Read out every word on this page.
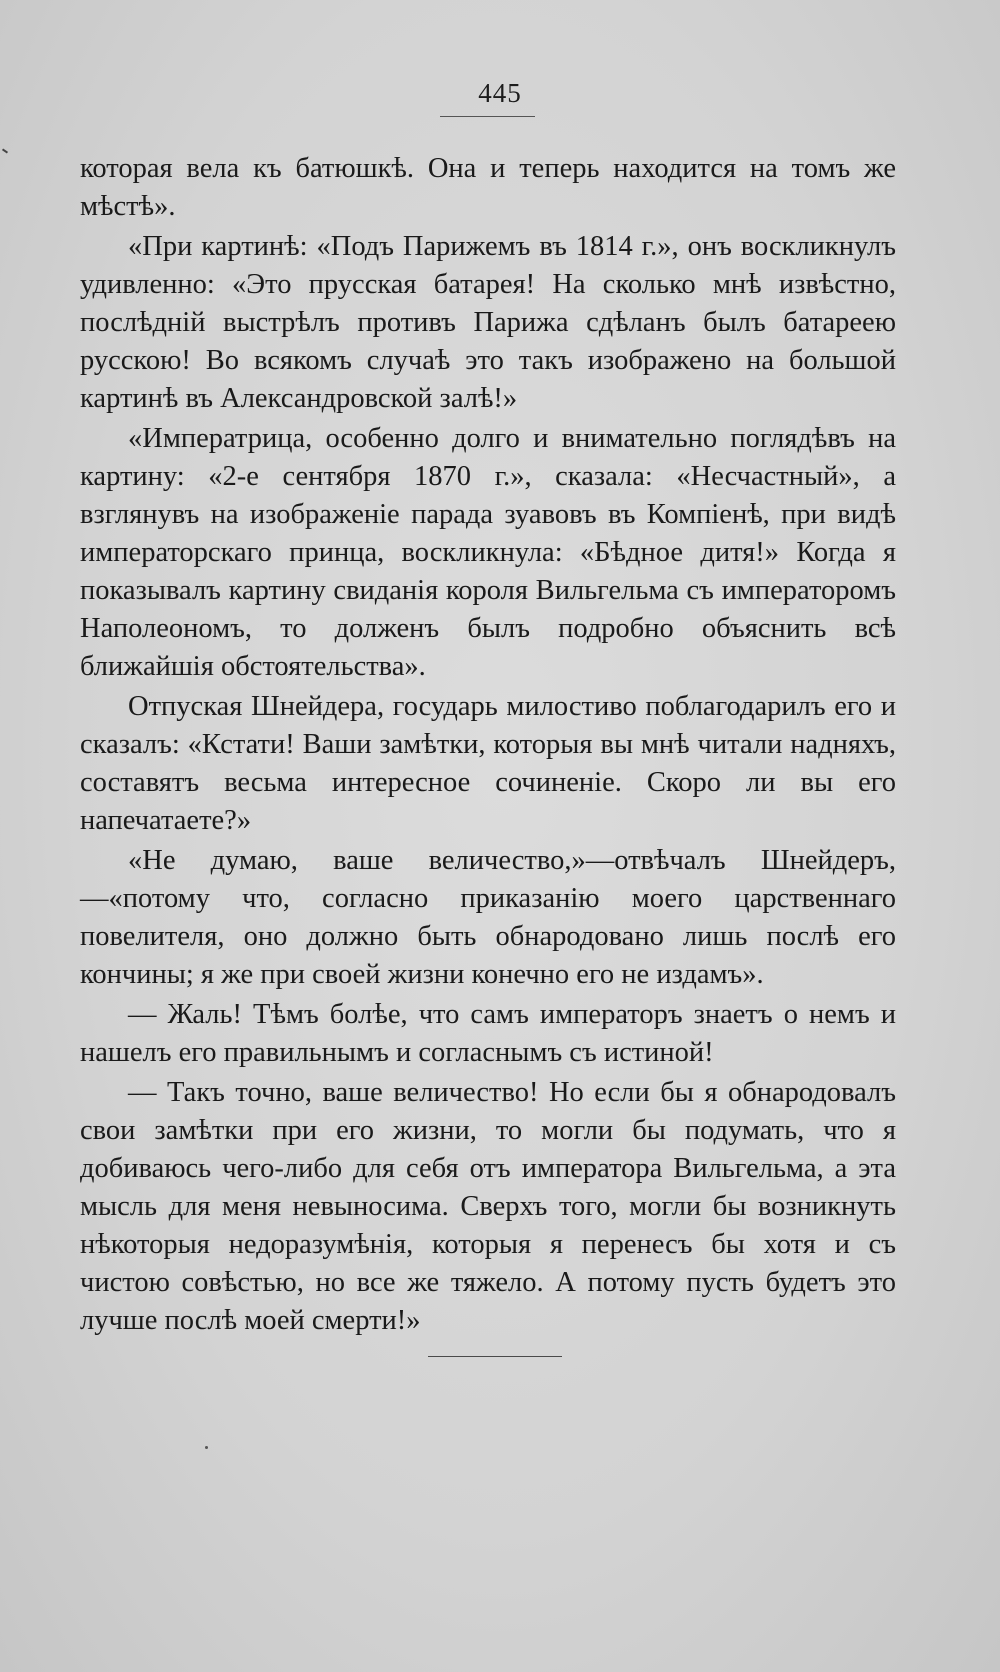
445

которая вела къ батюшкѣ. Она и теперь находится на томъ же мѣстѣ».

«При картинѣ: «Подъ Парижемъ въ 1814 г.», онъ воскликнулъ удивленно: «Это прусская батарея! На сколько мнѣ извѣстно, послѣдній выстрѣлъ противъ Парижа сдѣланъ былъ батареею русскою! Во всякомъ случаѣ это такъ изображено на большой картинѣ въ Александровской залѣ!»

«Императрица, особенно долго и внимательно поглядѣвъ на картину: «2-е сентября 1870 г.», сказала: «Несчастный», а взглянувъ на изображеніе парада зуавовъ въ Компіенѣ, при видѣ императорскаго принца, воскликнула: «Бѣдное дитя!» Когда я показывалъ картину свиданія короля Вильгельма съ императоромъ Наполеономъ, то долженъ былъ подробно объяснить всѣ ближайшія обстоятельства».

Отпуская Шнейдера, государь милостиво поблагодарилъ его и сказалъ: «Кстати! Ваши замѣтки, которыя вы мнѣ читали надняхъ, составятъ весьма интересное сочиненіе. Скоро ли вы его напечатаете?»

«Не думаю, ваше величество,»—отвѣчалъ Шнейдеръ,—«потому что, согласно приказанію моего царственнаго повелителя, оно должно быть обнародовано лишь послѣ его кончины; я же при своей жизни конечно его не издамъ».

— Жаль! Тѣмъ болѣе, что самъ императоръ знаетъ о немъ и нашелъ его правильнымъ и согласнымъ съ истиной!

— Такъ точно, ваше величество! Но если бы я обнародовалъ свои замѣтки при его жизни, то могли бы подумать, что я добиваюсь чего-либо для себя отъ императора Вильгельма, а эта мысль для меня невыносима. Сверхъ того, могли бы возникнуть нѣкоторыя недоразумѣнія, которыя я перенесъ бы хотя и съ чистою совѣстью, но все же тяжело. А потому пусть будетъ это лучше послѣ моей смерти!»
